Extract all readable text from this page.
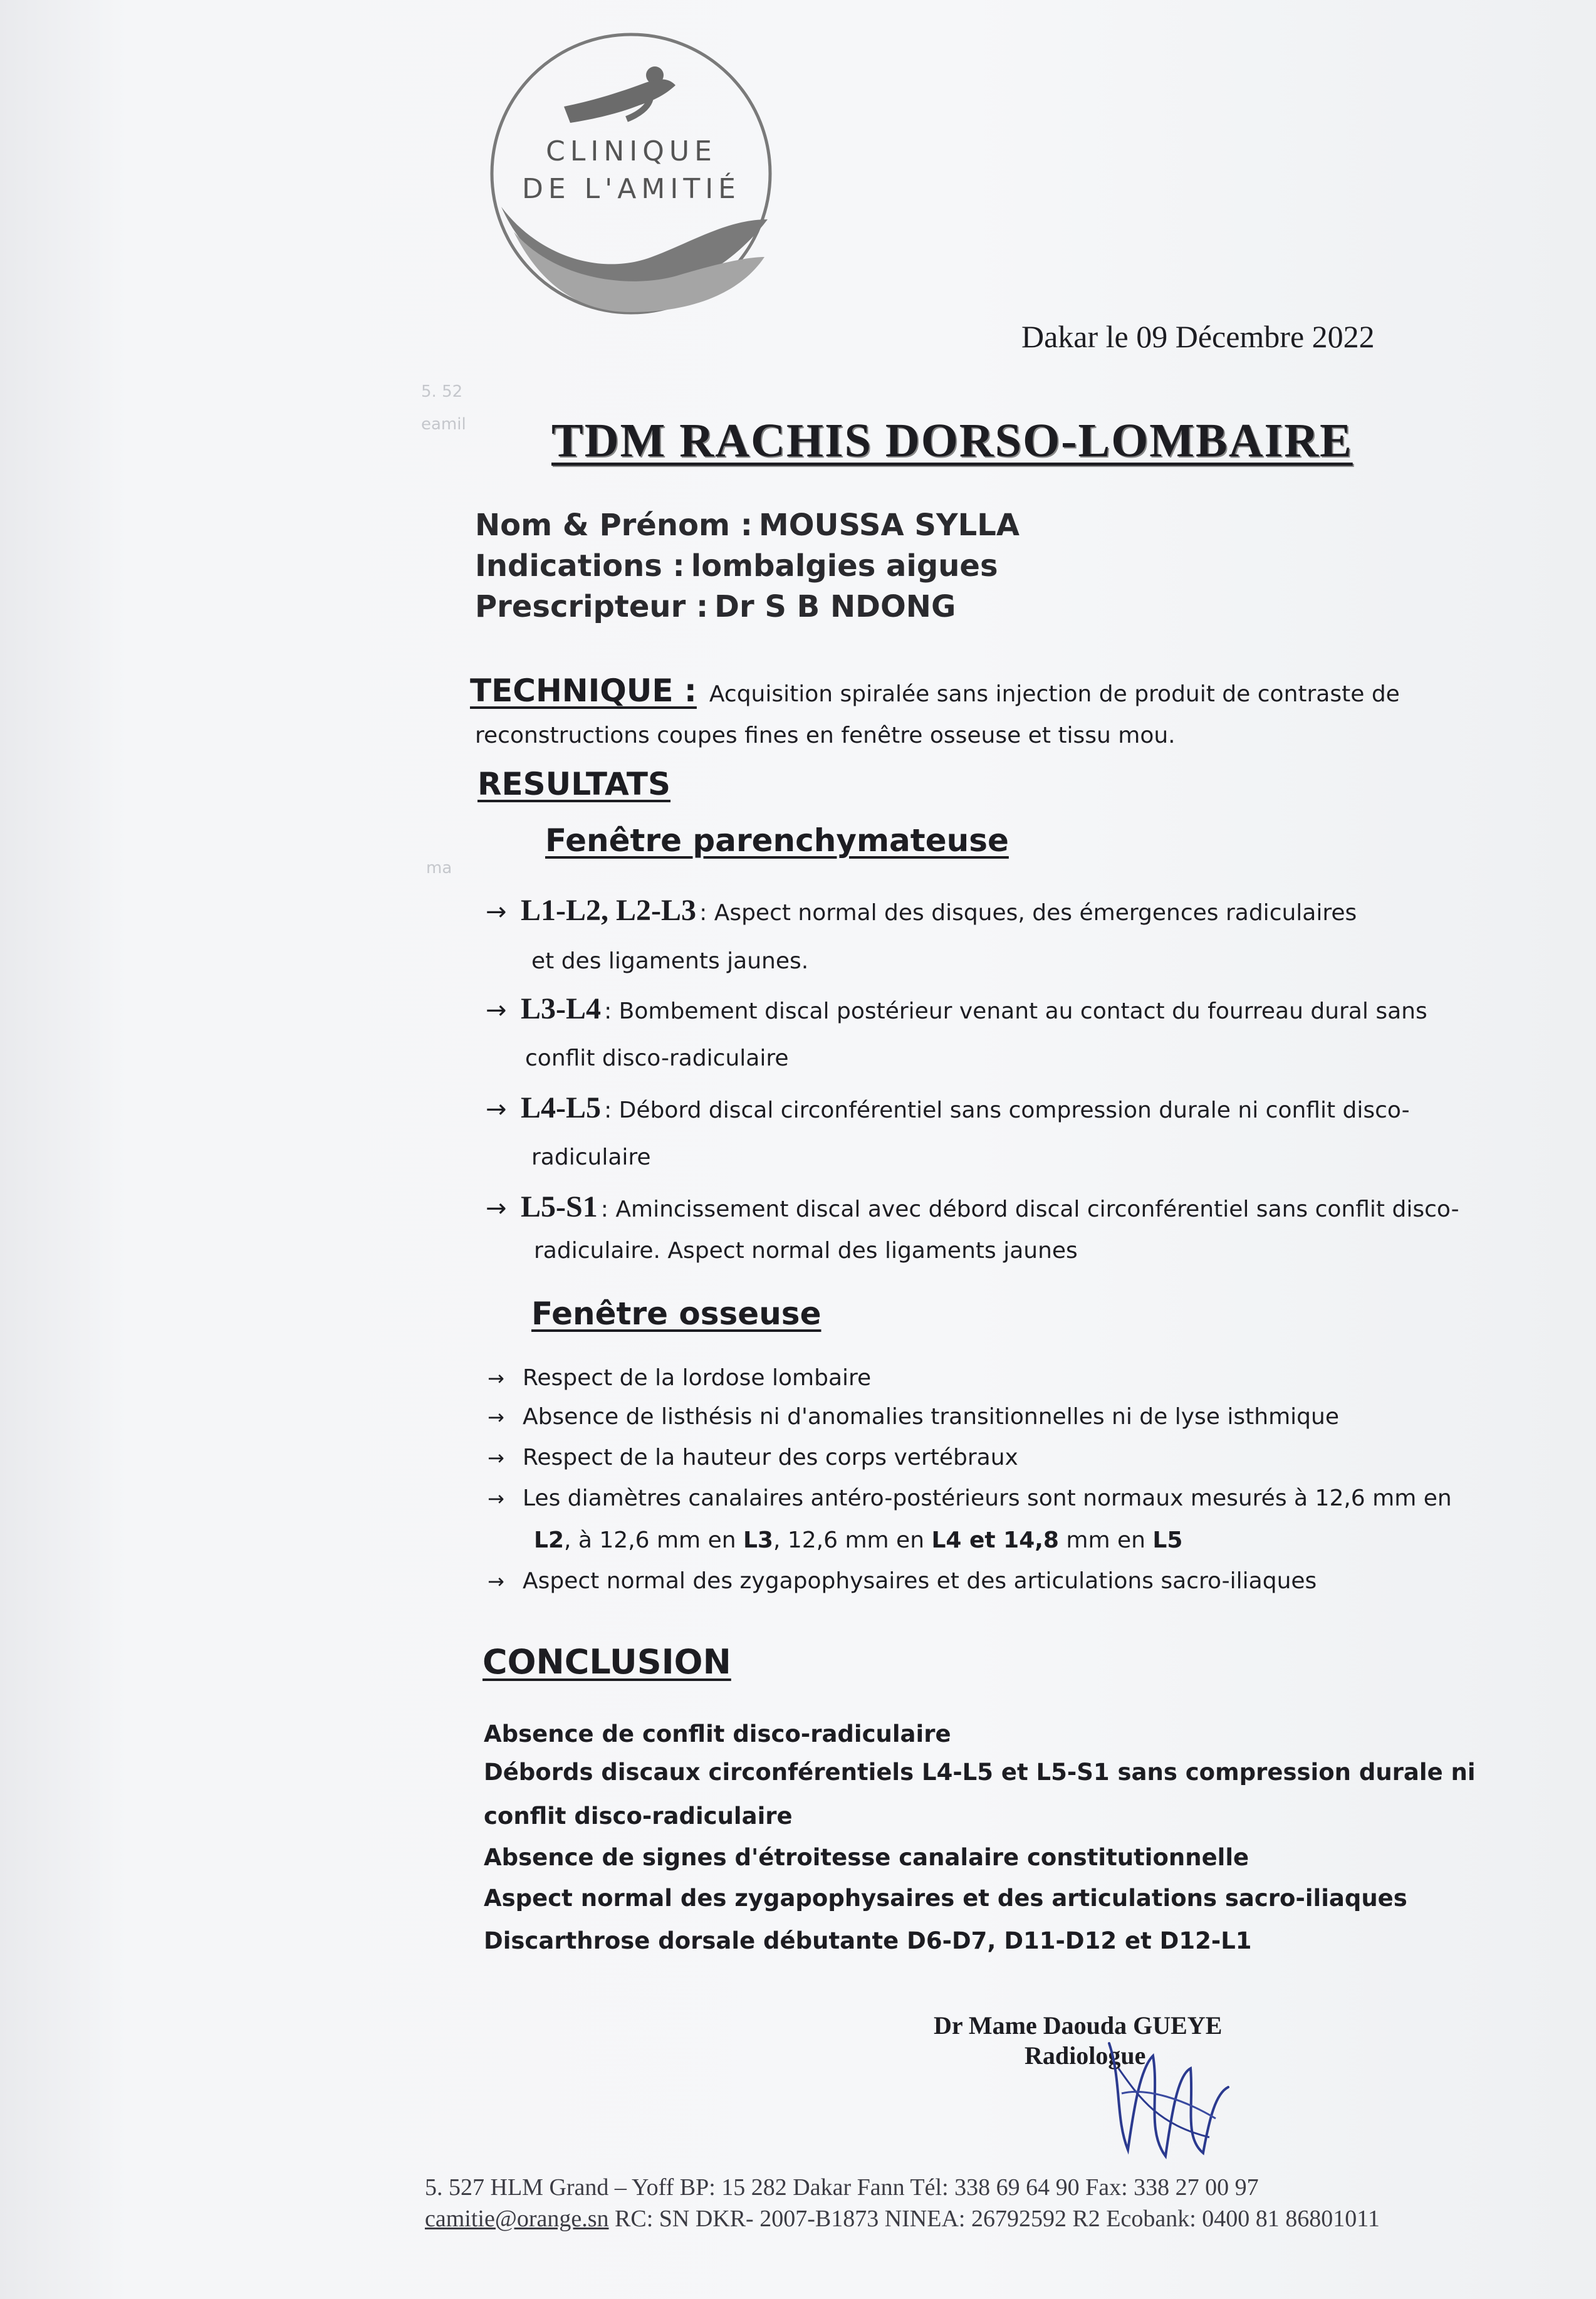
5. 52
eamil
ma
CLINIQUE
DE L'AMITIÉ
Dakar le 09 Décembre 2022
TDM RACHIS DORSO-LOMBAIRE
Nom & Prénom : MOUSSA SYLLA
Indications : lombalgies aigues
Prescripteur : Dr S B NDONG
TECHNIQUE : Acquisition spiralée sans injection de produit de contraste de
reconstructions coupes fines en fenêtre osseuse et tissu mou.
RESULTATS
Fenêtre parenchymateuse
→ L1-L2, L2-L3 : Aspect normal des disques, des émergences radiculaires
et des ligaments jaunes.
→ L3-L4 : Bombement discal postérieur venant au contact du fourreau dural sans
conflit disco-radiculaire
→ L4-L5 : Débord discal circonférentiel sans compression durale ni conflit disco-
radiculaire
→ L5-S1 : Amincissement discal avec débord discal circonférentiel sans conflit disco-
radiculaire. Aspect normal des ligaments jaunes
Fenêtre osseuse
→ Respect de la lordose lombaire
→ Absence de listhésis ni d'anomalies transitionnelles ni de lyse isthmique
→ Respect de la hauteur des corps vertébraux
→ Les diamètres canalaires antéro-postérieurs sont normaux mesurés à 12,6 mm en
L2, à 12,6 mm en L3, 12,6 mm en L4 et 14,8 mm en L5
→ Aspect normal des zygapophysaires et des articulations sacro-iliaques
CONCLUSION
Absence de conflit disco-radiculaire
Débords discaux circonférentiels L4-L5 et L5-S1 sans compression durale ni
conflit disco-radiculaire
Absence de signes d'étroitesse canalaire constitutionnelle
Aspect normal des zygapophysaires et des articulations sacro-iliaques
Discarthrose dorsale débutante D6-D7, D11-D12 et D12-L1
Dr Mame Daouda GUEYE
Radiologue
5. 527 HLM Grand – Yoff BP: 15 282 Dakar Fann Tél: 338 69 64 90 Fax: 338 27 00 97
camitie@orange.sn RC: SN DKR- 2007-B1873 NINEA: 26792592 R2 Ecobank: 0400 81 86801011
